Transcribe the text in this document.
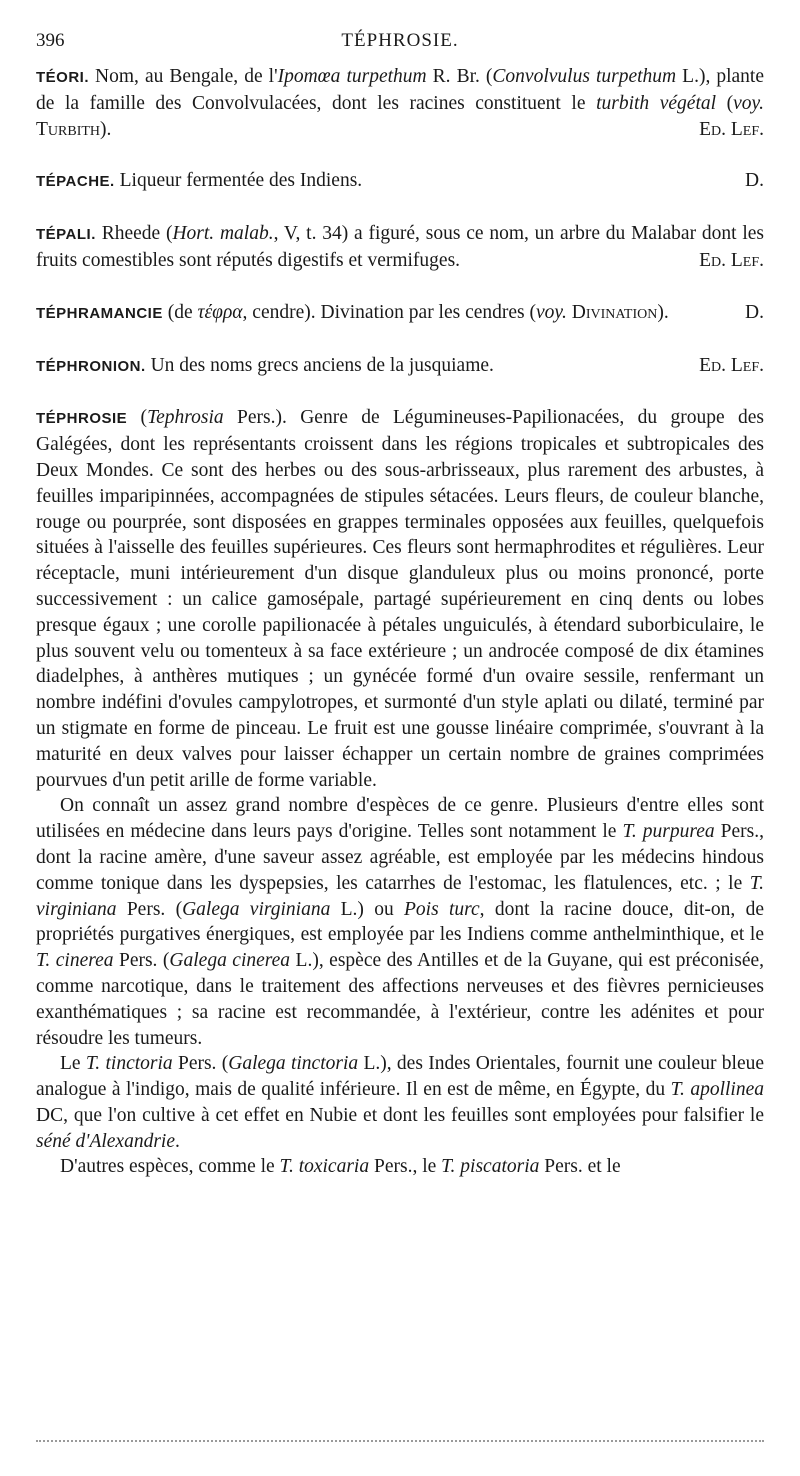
396	TÉPHROSIE.

TÉORI. Nom, au Bengale, de l'Ipomœa turpethum R. Br. (Convolvulus turpethum L.), plante de la famille des Convolvulacées, dont les racines constituent le turbith végétal (voy. Turbith).	Ed. Lef.

TÉPACHE. Liqueur fermentée des Indiens.	D.

TÉPALI. Rheede (Hort. malab., V, t. 34) a figuré, sous ce nom, un arbre du Malabar dont les fruits comestibles sont réputés digestifs et vermifuges.	Ed. Lef.

TÉPHRAMANCIE (de τέφρα, cendre). Divination par les cendres (voy. Divination).	D.

TÉPHRONION. Un des noms grecs anciens de la jusquiame.	Ed. Lef.

TÉPHROSIE (Tephrosia Pers.). Genre de Légumineuses-Papilionacées, du groupe des Galégées, dont les représentants croissent dans les régions tropicales et subtropicales des Deux Mondes. Ce sont des herbes ou des sous-arbrisseaux, plus rarement des arbustes, à feuilles imparipinnées, accompagnées de stipules sétacées. Leurs fleurs, de couleur blanche, rouge ou pourprée, sont disposées en grappes terminales opposées aux feuilles, quelquefois situées à l'aisselle des feuilles supérieures. Ces fleurs sont hermaphrodites et régulières. Leur réceptacle, muni intérieurement d'un disque glanduleux plus ou moins prononcé, porte successivement : un calice gamosépale, partagé supérieurement en cinq dents ou lobes presque égaux ; une corolle papilionacée à pétales unguiculés, à étendard suborbiculaire, le plus souvent velu ou tomenteux à sa face extérieure ; un androcée composé de dix étamines diadelphes, à anthères mutiques ; un gynécée formé d'un ovaire sessile, renfermant un nombre indéfini d'ovules campylotropes, et surmonté d'un style aplati ou dilaté, terminé par un stigmate en forme de pinceau. Le fruit est une gousse linéaire comprimée, s'ouvrant à la maturité en deux valves pour laisser échapper un certain nombre de graines comprimées pourvues d'un petit arille de forme variable.

On connaît un assez grand nombre d'espèces de ce genre. Plusieurs d'entre elles sont utilisées en médecine dans leurs pays d'origine. Telles sont notamment le T. purpurea Pers., dont la racine amère, d'une saveur assez agréable, est employée par les médecins hindous comme tonique dans les dyspepsies, les catarrhes de l'estomac, les flatulences, etc. ; le T. virginiana Pers. (Galega virginiana L.) ou Pois turc, dont la racine douce, dit-on, de propriétés purgatives énergiques, est employée par les Indiens comme anthelminthique, et le T. cinerea Pers. (Galega cinerea L.), espèce des Antilles et de la Guyane, qui est préconisée, comme narcotique, dans le traitement des affections nerveuses et des fièvres pernicieuses exanthématiques ; sa racine est recommandée, à l'extérieur, contre les adénites et pour résoudre les tumeurs.

Le T. tinctoria Pers. (Galega tinctoria L.), des Indes Orientales, fournit une couleur bleue analogue à l'indigo, mais de qualité inférieure. Il en est de même, en Égypte, du T. apollinea DC, que l'on cultive à cet effet en Nubie et dont les feuilles sont employées pour falsifier le séné d'Alexandrie.

D'autres espèces, comme le T. toxicaria Pers., le T. piscatoria Pers. et le
